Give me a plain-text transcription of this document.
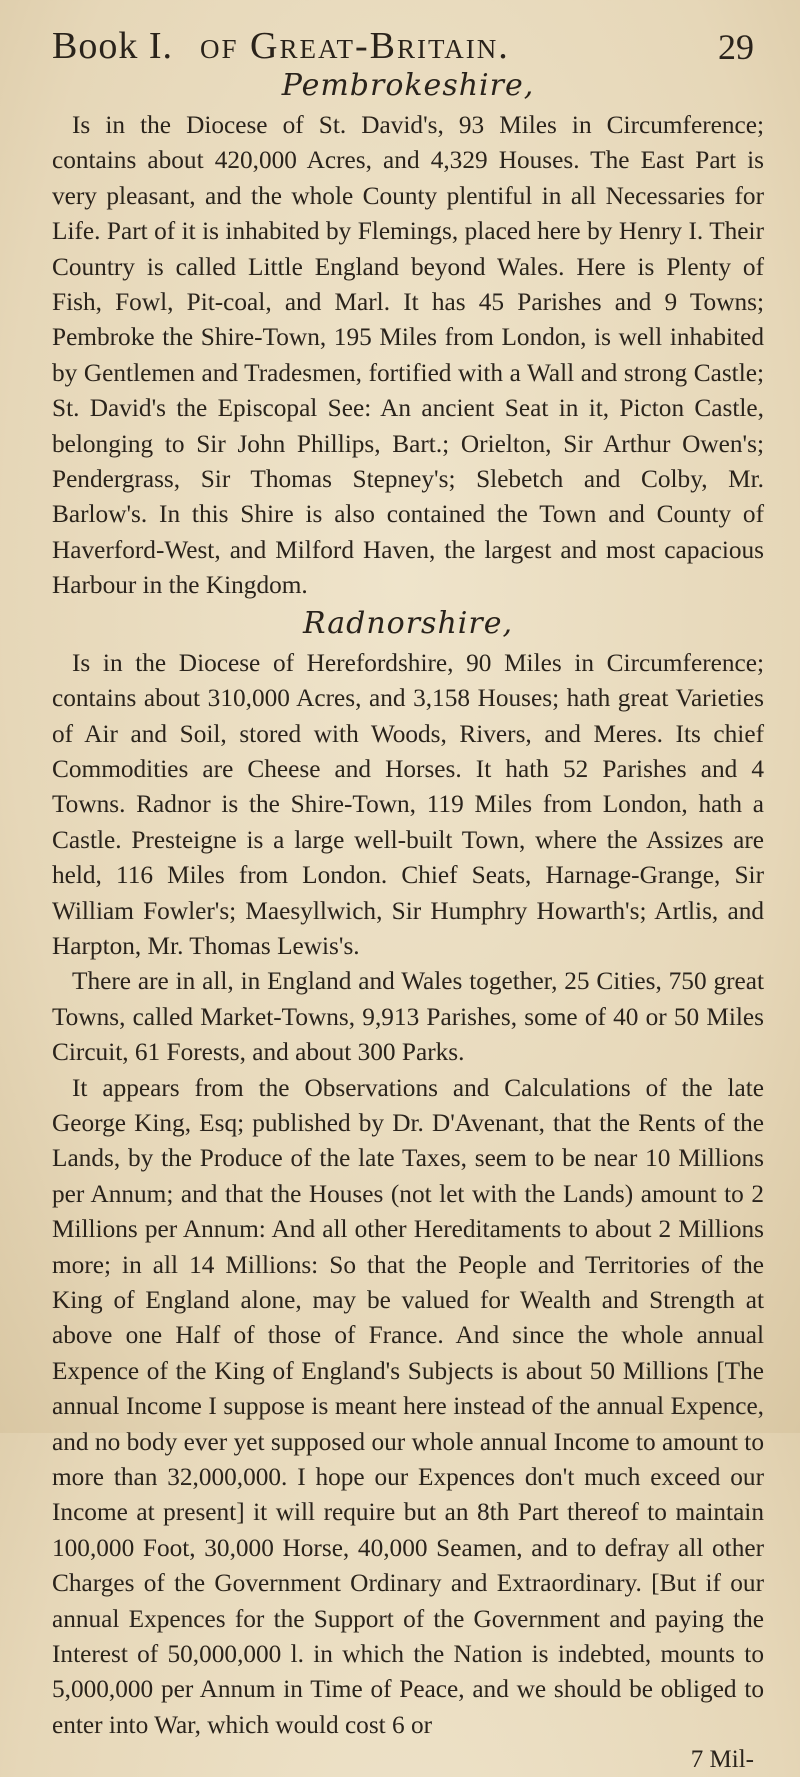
Book I. of Great-Britain.	29
Pembrokeshire,

Is in the Diocese of St. David's, 93 Miles in Circumference; contains about 420,000 Acres, and 4,329 Houses. The East Part is very pleasant, and the whole County plentiful in all Necessaries for Life. Part of it is inhabited by Flemings, placed here by Henry I. Their Country is called Little England beyond Wales. Here is Plenty of Fish, Fowl, Pit-coal, and Marl. It has 45 Parishes and 9 Towns; Pembroke the Shire-Town, 195 Miles from London, is well inhabited by Gentlemen and Tradesmen, fortified with a Wall and strong Castle; St. David's the Episcopal See: An ancient Seat in it, Picton Castle, belonging to Sir John Phillips, Bart.; Orielton, Sir Arthur Owen's; Pendergrass, Sir Thomas Stepney's; Slebetch and Colby, Mr. Barlow's. In this Shire is also contained the Town and County of Haverford-West, and Milford Haven, the largest and most capacious Harbour in the Kingdom.

Radnorshire,

Is in the Diocese of Herefordshire, 90 Miles in Circumference; contains about 310,000 Acres, and 3,158 Houses; hath great Varieties of Air and Soil, stored with Woods, Rivers, and Meres. Its chief Commodities are Cheese and Horses. It hath 52 Parishes and 4 Towns. Radnor is the Shire-Town, 119 Miles from London, hath a Castle. Presteigne is a large well-built Town, where the Assizes are held, 116 Miles from London. Chief Seats, Harnage-Grange, Sir William Fowler's; Maesyllwich, Sir Humphry Howarth's; Artlis, and Harpton, Mr. Thomas Lewis's.

There are in all, in England and Wales together, 25 Cities, 750 great Towns, called Market-Towns, 9,913 Parishes, some of 40 or 50 Miles Circuit, 61 Forests, and about 300 Parks.

It appears from the Observations and Calculations of the late George King, Esq; published by Dr. D'Avenant, that the Rents of the Lands, by the Produce of the late Taxes, seem to be near 10 Millions per Annum; and that the Houses (not let with the Lands) amount to 2 Millions per Annum: And all other Hereditaments to about 2 Millions more; in all 14 Millions: So that the People and Territories of the King of England alone, may be valued for Wealth and Strength at above one Half of those of France. And since the whole annual Expence of the King of England's Subjects is about 50 Millions [The annual Income I suppose is meant here instead of the annual Expence, and no body ever yet supposed our whole annual Income to amount to more than 32,000,000. I hope our Expences don't much exceed our Income at present] it will require but an 8th Part thereof to maintain 100,000 Foot, 30,000 Horse, 40,000 Seamen, and to defray all other Charges of the Government Ordinary and Extraordinary. [But if our annual Expences for the Support of the Government and paying the Interest of 50,000,000 l. in which the Nation is indebted, mounts to 5,000,000 per Annum in Time of Peace, and we should be obliged to enter into War, which would cost 6 or

7 Mil-
